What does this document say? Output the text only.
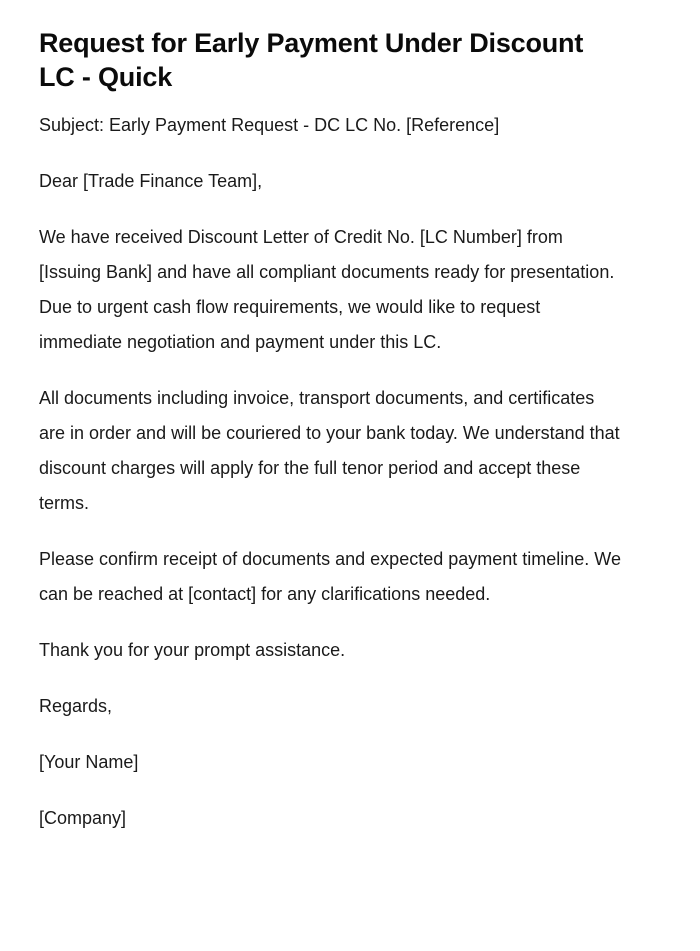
Request for Early Payment Under Discount LC - Quick

Subject: Early Payment Request - DC LC No. [Reference]

Dear [Trade Finance Team],

We have received Discount Letter of Credit No. [LC Number] from [Issuing Bank] and have all compliant documents ready for presentation. Due to urgent cash flow requirements, we would like to request immediate negotiation and payment under this LC.

All documents including invoice, transport documents, and certificates are in order and will be couriered to your bank today. We understand that discount charges will apply for the full tenor period and accept these terms.

Please confirm receipt of documents and expected payment timeline. We can be reached at [contact] for any clarifications needed.

Thank you for your prompt assistance.

Regards,

[Your Name]

[Company]
